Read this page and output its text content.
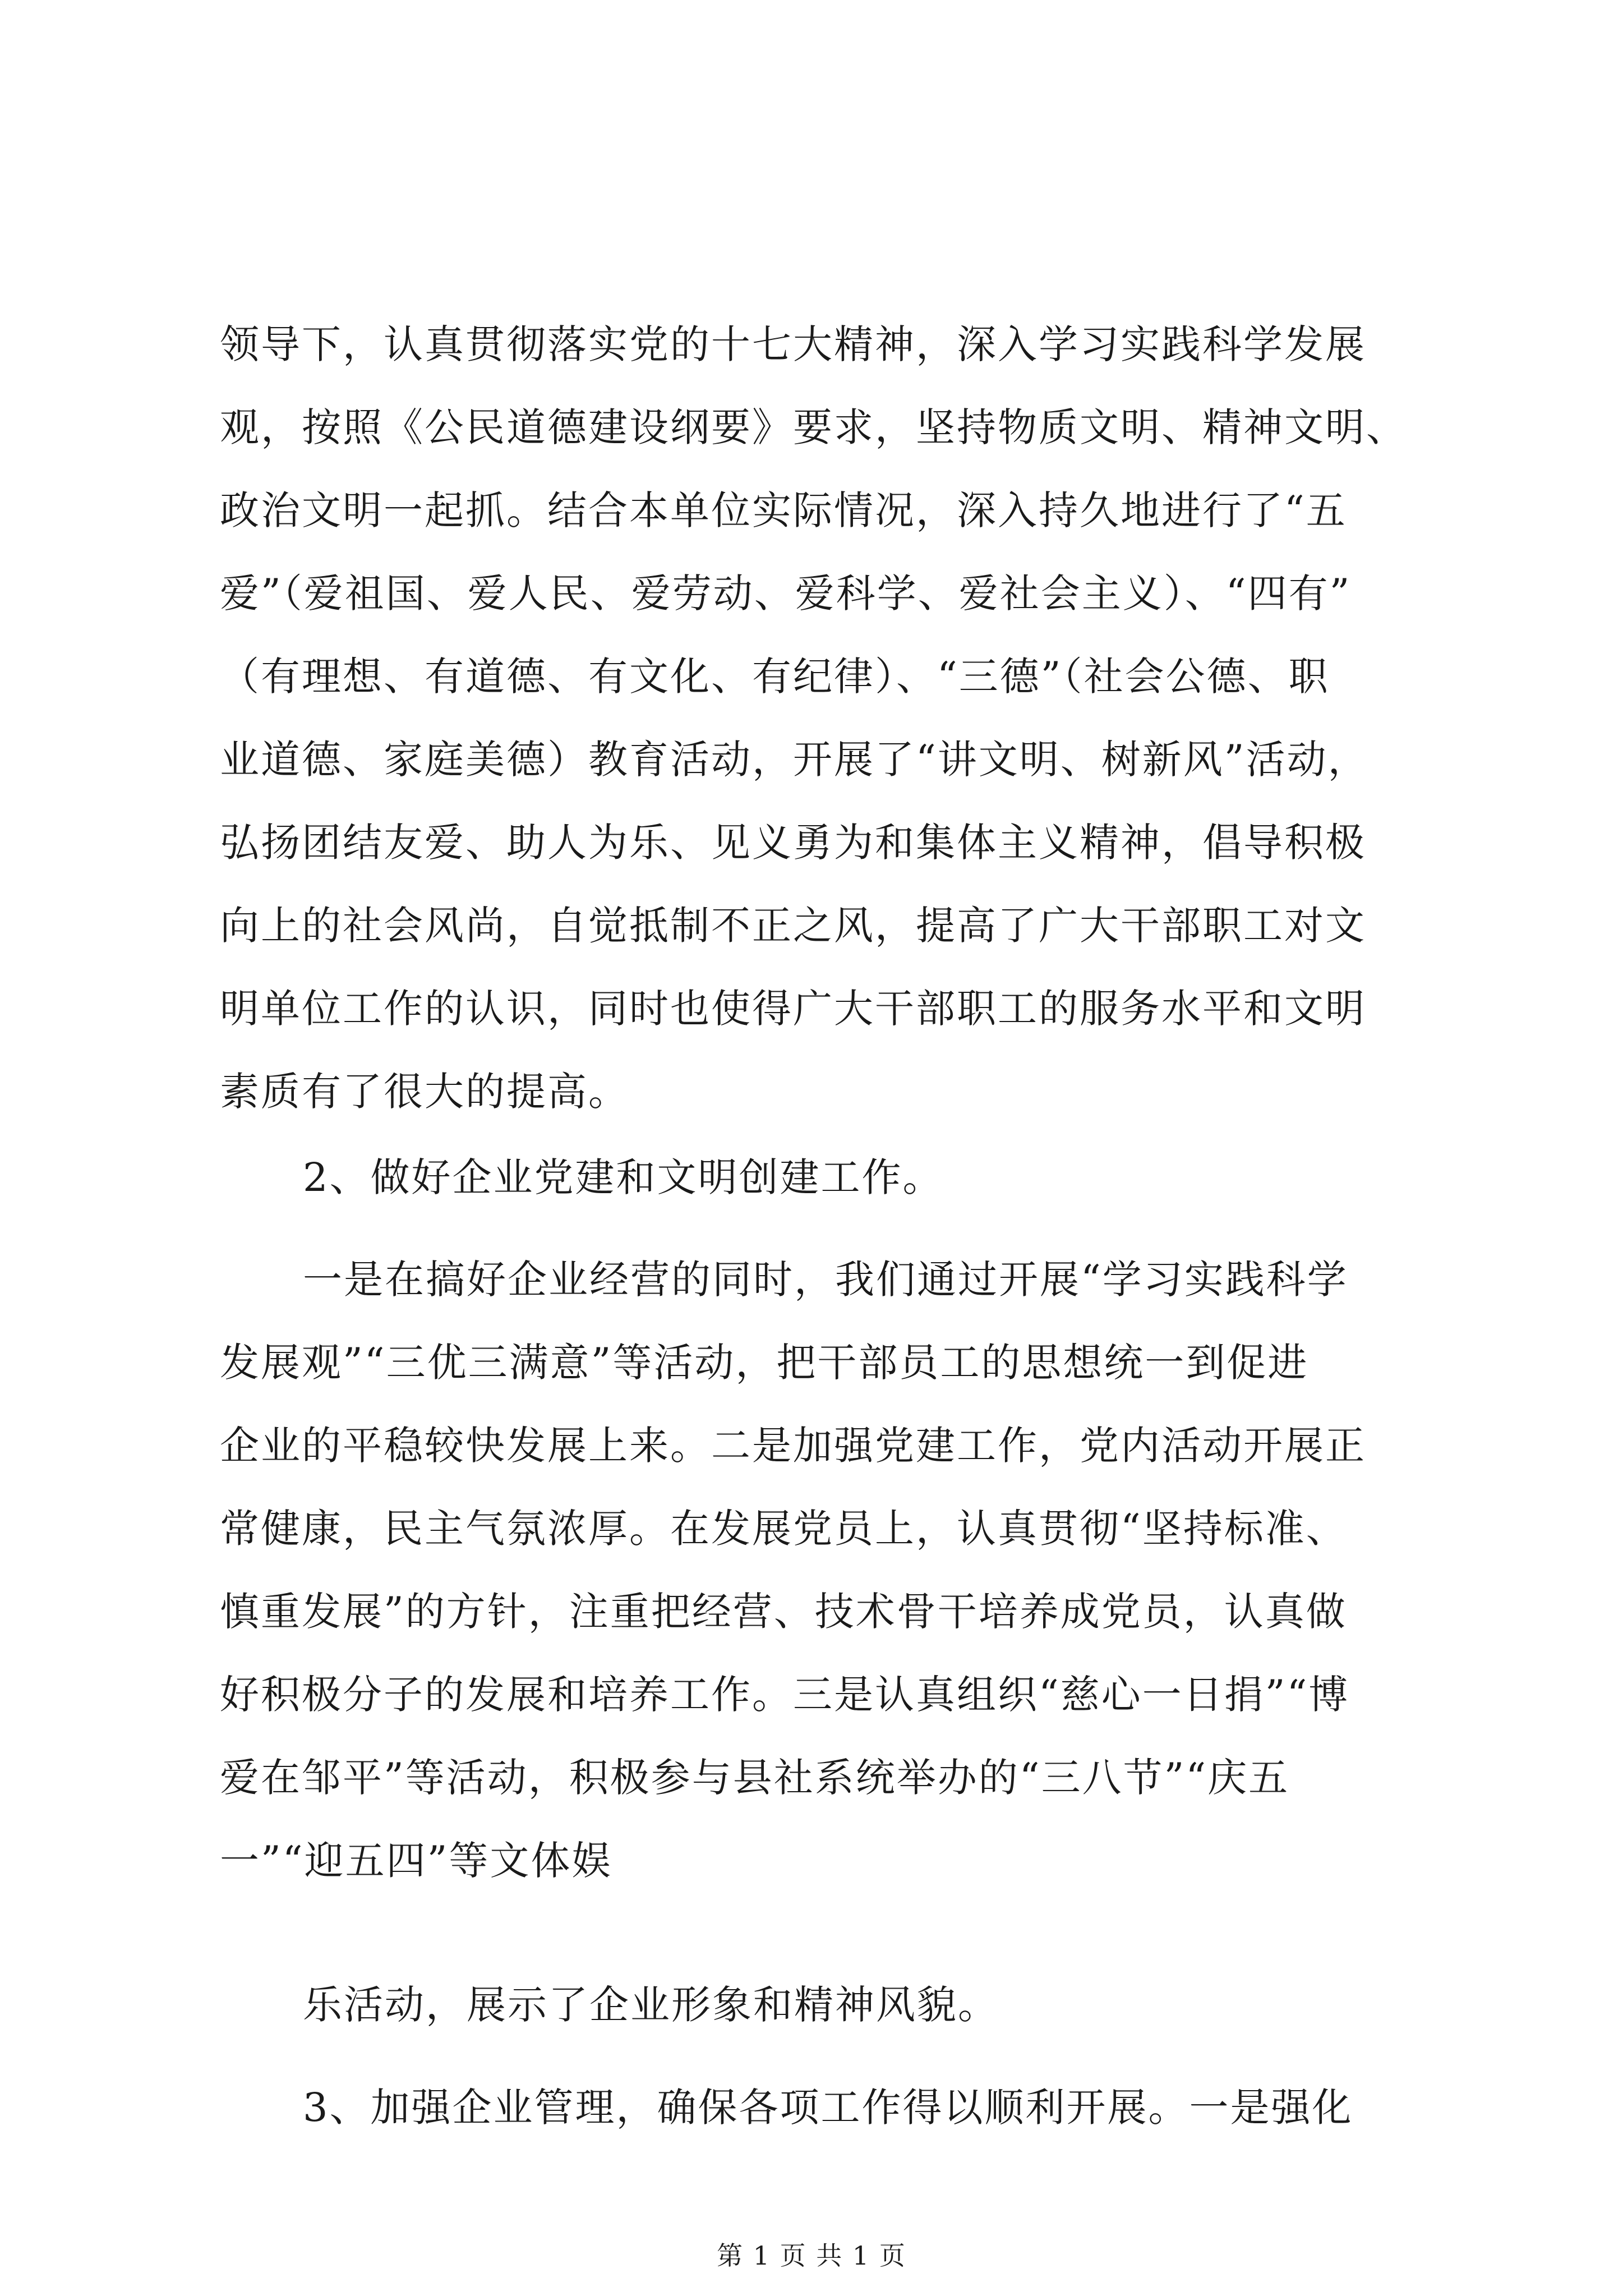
领导下，认真贯彻落实党的十七大精神，深入学习实践科学发展
观，按照《公民道德建设纲要》要求，坚持物质文明、精神文明、
政治文明一起抓。结合本单位实际情况，深入持久地进行了“五
爱”（爱祖国、爱人民、爱劳动、爱科学、爱社会主义）、“四有”
（有理想、有道德、有文化、有纪律）、“三德”（社会公德、职
业道德、家庭美德）教育活动，开展了“讲文明、树新风”活动，
弘扬团结友爱、助人为乐、见义勇为和集体主义精神，倡导积极
向上的社会风尚，自觉抵制不正之风，提高了广大干部职工对文
明单位工作的认识，同时也使得广大干部职工的服务水平和文明
素质有了很大的提高。
2、做好企业党建和文明创建工作。
一是在搞好企业经营的同时，我们通过开展“学习实践科学
发展观”“三优三满意”等活动，把干部员工的思想统一到促进
企业的平稳较快发展上来。二是加强党建工作，党内活动开展正
常健康，民主气氛浓厚。在发展党员上，认真贯彻“坚持标准、
慎重发展”的方针，注重把经营、技术骨干培养成党员，认真做
好积极分子的发展和培养工作。三是认真组织“慈心一日捐”“博
爱在邹平”等活动，积极参与县社系统举办的“三八节”“庆五
一”“迎五四”等文体娱
乐活动，展示了企业形象和精神风貌。
3、加强企业管理，确保各项工作得以顺利开展。一是强化
第 1 页 共 1 页
